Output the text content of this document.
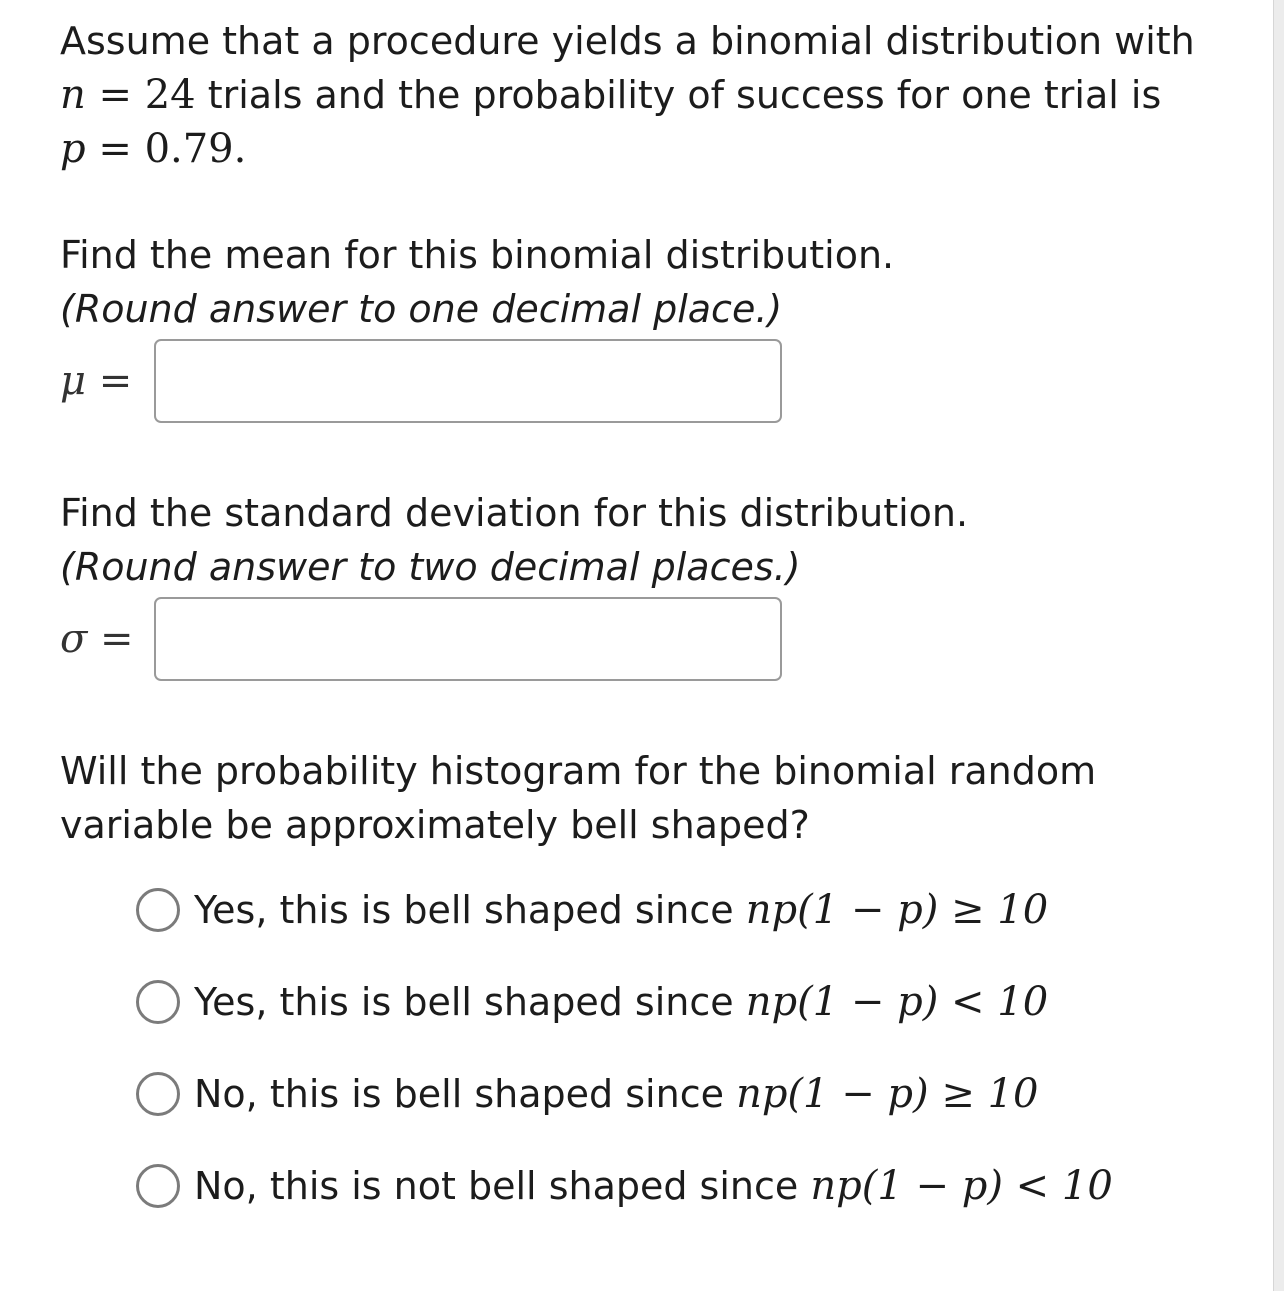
Assume that a procedure yields a binomial distribution with
n = 24 trials and the probability of success for one trial is
p = 0.79.

Find the mean for this binomial distribution.

(Round answer to one decimal place.)

μ =

Find the standard deviation for this distribution.

(Round answer to two decimal places.)

σ =

Will the probability histogram for the binomial random variable be approximately bell shaped?

Yes, this is bell shaped since
np(1 − p) ≥ 10
Yes, this is bell shaped since
np(1 − p) < 10
No, this is bell shaped since
np(1 − p) ≥ 10
No, this is not bell shaped since
np(1 − p) < 10
